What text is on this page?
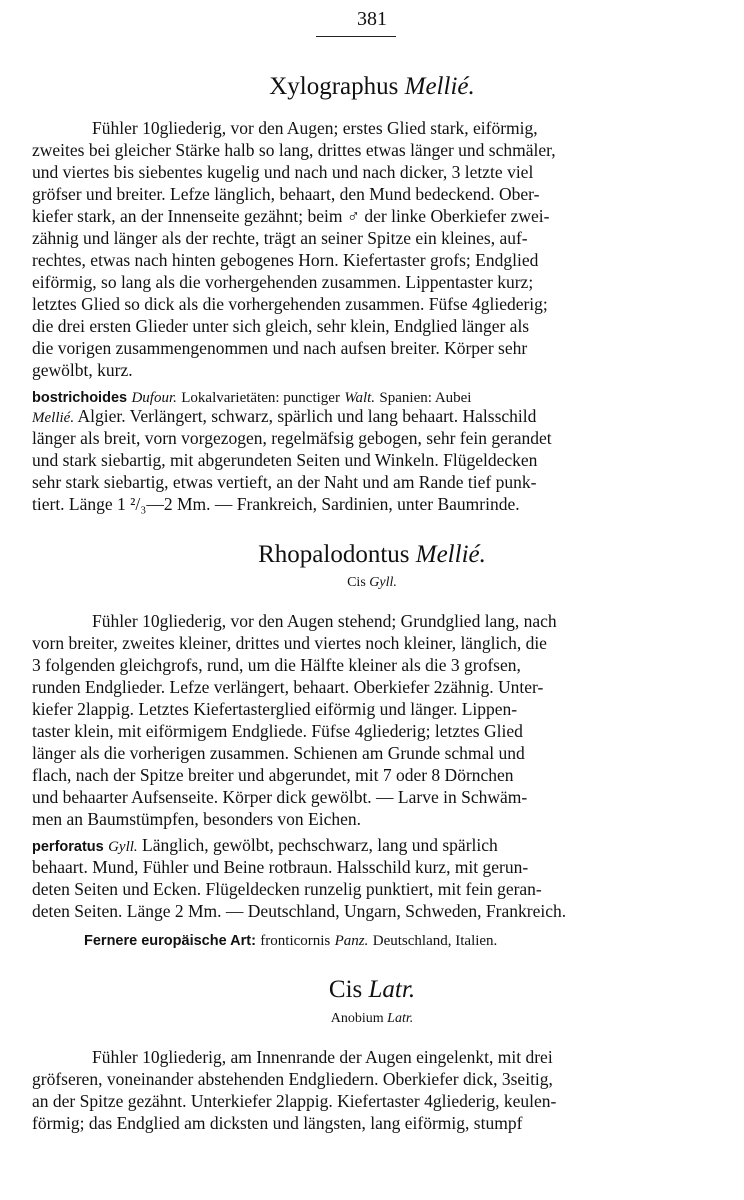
381
Xylographus Mellié.
Fühler 10gliederig, vor den Augen; erstes Glied stark, eiförmig,
zweites bei gleicher Stärke halb so lang, drittes etwas länger und schmäler,
und viertes bis siebentes kugelig und nach und nach dicker, 3 letzte viel
gröfser und breiter. Lefze länglich, behaart, den Mund bedeckend. Ober-
kiefer stark, an der Innenseite gezähnt; beim ♂ der linke Oberkiefer zwei-
zähnig und länger als der rechte, trägt an seiner Spitze ein kleines, auf-
rechtes, etwas nach hinten gebogenes Horn. Kiefertaster grofs; Endglied
eiförmig, so lang als die vorhergehenden zusammen. Lippentaster kurz;
letztes Glied so dick als die vorhergehenden zusammen. Füfse 4gliederig;
die drei ersten Glieder unter sich gleich, sehr klein, Endglied länger als
die vorigen zusammengenommen und nach aufsen breiter. Körper sehr
gewölbt, kurz.
bostrichoides Dufour. Lokalvarietäten: punctiger Walt. Spanien: Aubei
Mellié. Algier. Verlängert, schwarz, spärlich und lang behaart. Halsschild
länger als breit, vorn vorgezogen, regelmäfsig gebogen, sehr fein gerandet
und stark siebartig, mit abgerundeten Seiten und Winkeln. Flügeldecken
sehr stark siebartig, etwas vertieft, an der Naht und am Rande tief punk-
tiert. Länge 1 ²/₃—2 Mm. — Frankreich, Sardinien, unter Baumrinde.
Rhopalodontus Mellié.
Cis Gyll.
Fühler 10gliederig, vor den Augen stehend; Grundglied lang, nach
vorn breiter, zweites kleiner, drittes und viertes noch kleiner, länglich, die
3 folgenden gleichgrofs, rund, um die Hälfte kleiner als die 3 grofsen,
runden Endglieder. Lefze verlängert, behaart. Oberkiefer 2zähnig. Unter-
kiefer 2lappig. Letztes Kiefertasterglied eiförmig und länger. Lippen-
taster klein, mit eiförmigem Endgliede. Füfse 4gliederig; letztes Glied
länger als die vorherigen zusammen. Schienen am Grunde schmal und
flach, nach der Spitze breiter und abgerundet, mit 7 oder 8 Dörnchen
und behaarter Aufsenseite. Körper dick gewölbt. — Larve in Schwäm-
men an Baumstümpfen, besonders von Eichen.
perforatus Gyll. Länglich, gewölbt, pechschwarz, lang und spärlich
behaart. Mund, Fühler und Beine rotbraun. Halsschild kurz, mit gerun-
deten Seiten und Ecken. Flügeldecken runzelig punktiert, mit fein geran-
deten Seiten. Länge 2 Mm. — Deutschland, Ungarn, Schweden, Frankreich.
Fernere europäische Art: fronticornis Panz. Deutschland, Italien.
Cis Latr.
Anobium Latr.
Fühler 10gliederig, am Innenrande der Augen eingelenkt, mit drei
gröfseren, voneinander abstehenden Endgliedern. Oberkiefer dick, 3seitig,
an der Spitze gezähnt. Unterkiefer 2lappig. Kiefertaster 4gliederig, keulen-
förmig; das Endglied am dicksten und längsten, lang eiförmig, stumpf
